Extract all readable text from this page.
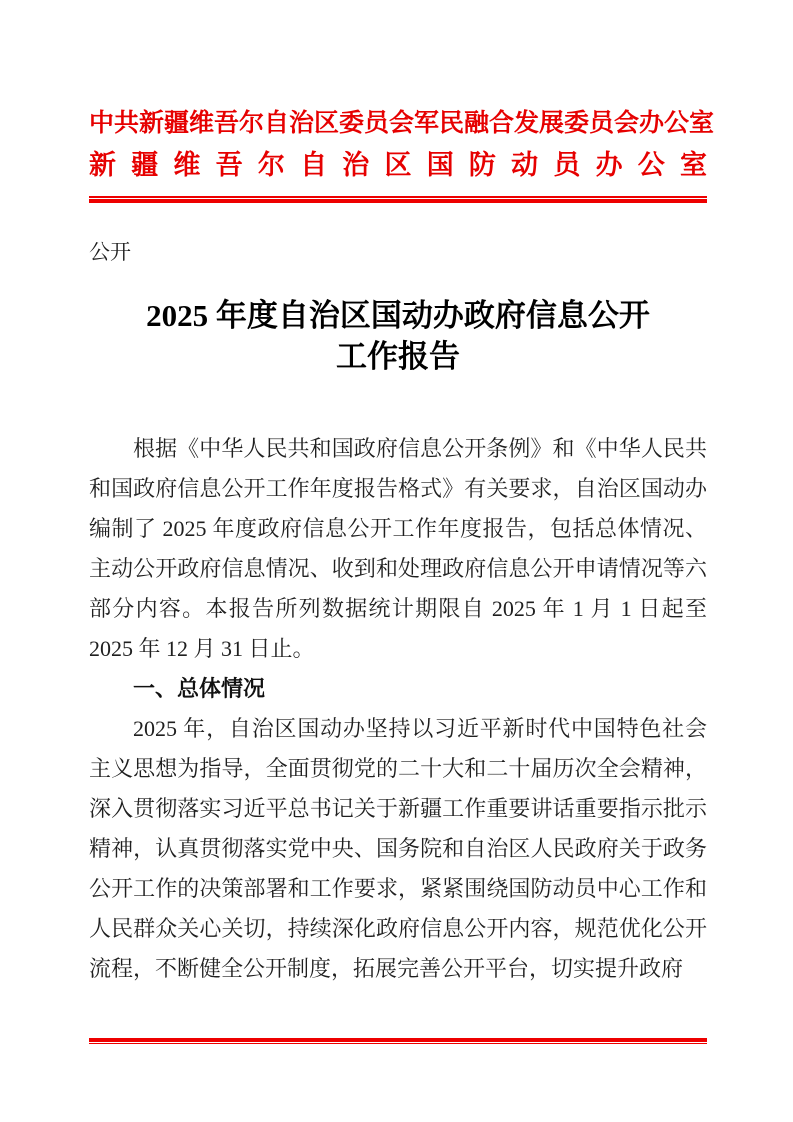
中共新疆维吾尔自治区委员会军民融合发展委员会办公室
新疆维吾尔自治区国防动员办公室
公开
2025 年度自治区国动办政府信息公开
工作报告

根据《中华人民共和国政府信息公开条例》和《中华人民共和国政府信息公开工作年度报告格式》有关要求，自治区国动办编制了 2025 年度政府信息公开工作年度报告，包括总体情况、主动公开政府信息情况、收到和处理政府信息公开申请情况等六部分内容。本报告所列数据统计期限自 2025 年 1 月 1 日起至 2025 年 12 月 31 日止。

一、总体情况

2025 年，自治区国动办坚持以习近平新时代中国特色社会主义思想为指导，全面贯彻党的二十大和二十届历次全会精神，深入贯彻落实习近平总书记关于新疆工作重要讲话重要指示批示精神，认真贯彻落实党中央、国务院和自治区人民政府关于政务公开工作的决策部署和工作要求，紧紧围绕国防动员中心工作和人民群众关心关切，持续深化政府信息公开内容，规范优化公开流程，不断健全公开制度，拓展完善公开平台，切实提升政府
